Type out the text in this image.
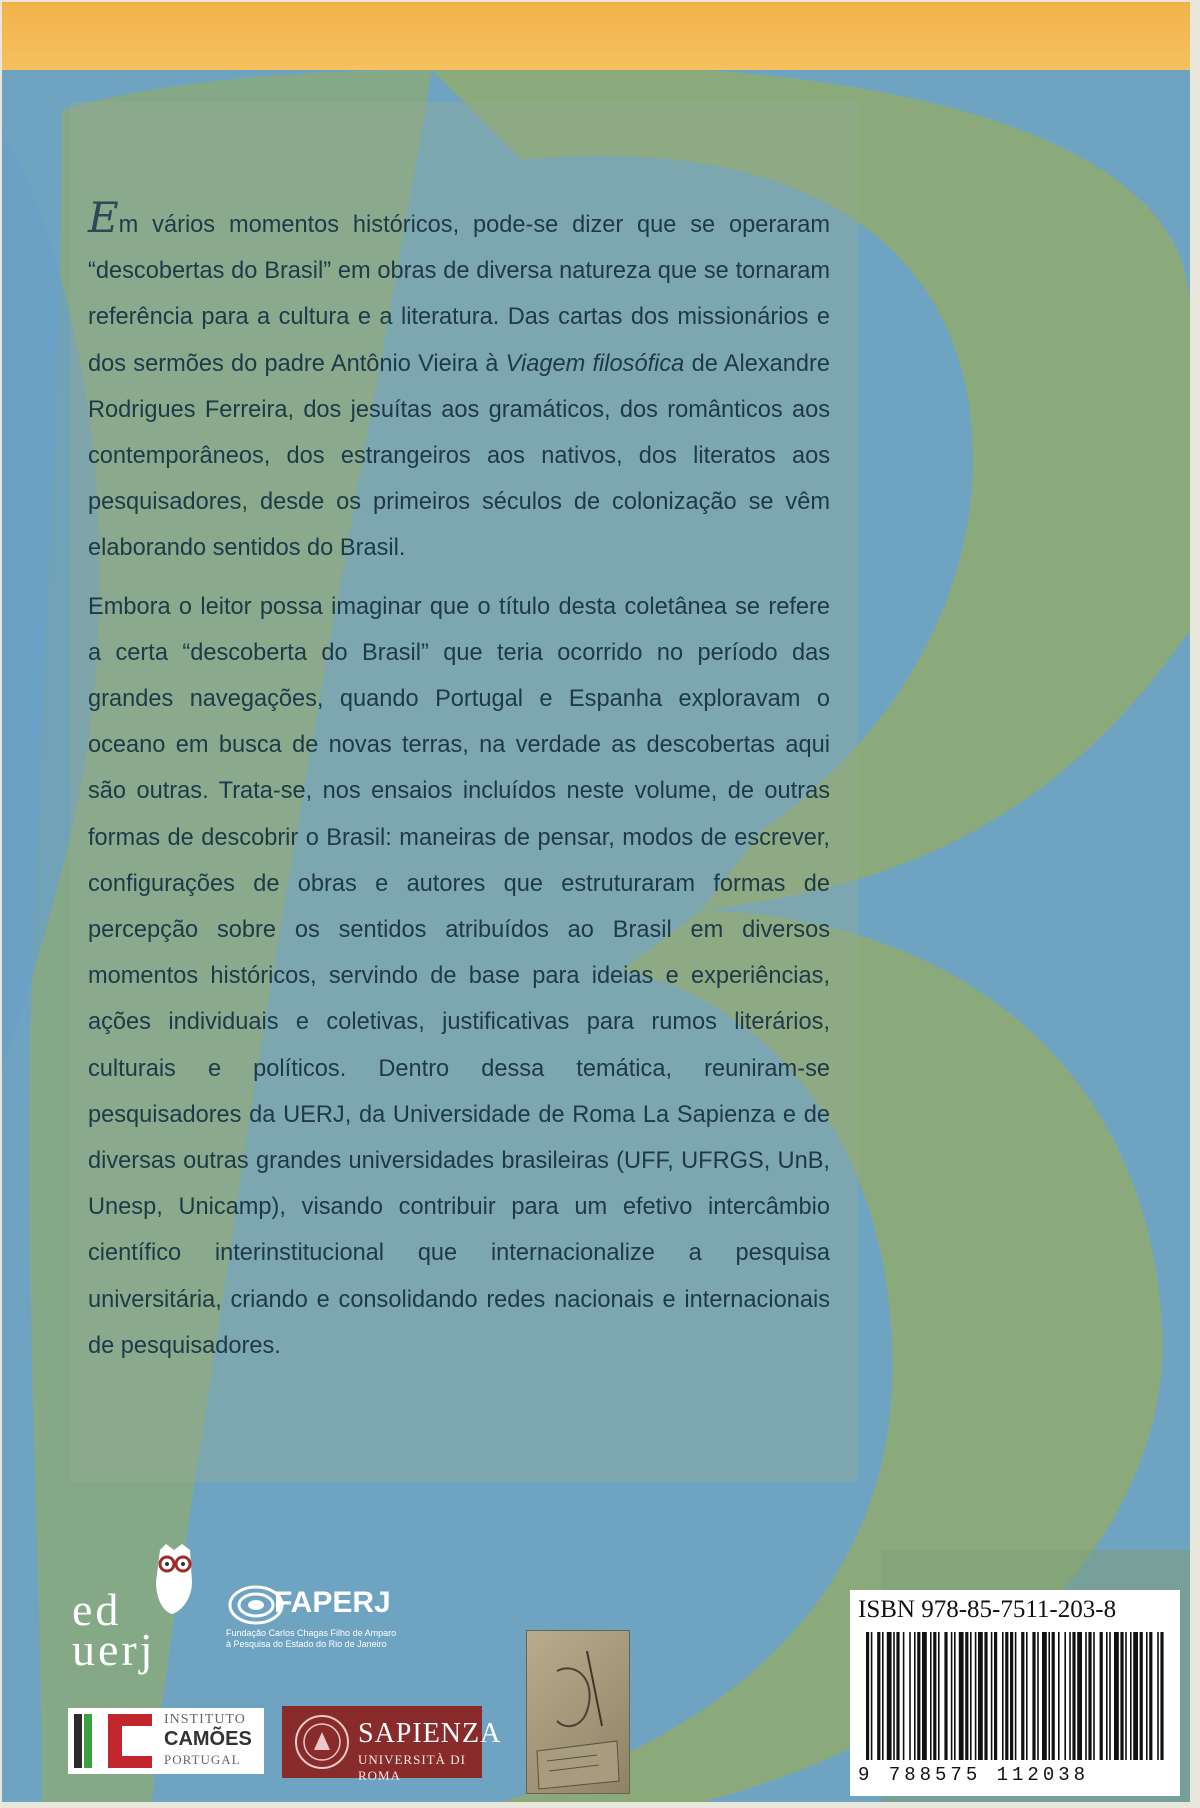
Em vários momentos históricos, pode-se dizer que se operaram “descobertas do Brasil” em obras de diversa natureza que se tornaram referência para a cultura e a literatura. Das cartas dos missionários e dos sermões do padre Antônio Vieira à Viagem filosófica de Alexandre Rodrigues Ferreira, dos jesuítas aos gramáticos, dos românticos aos contemporâneos, dos estrangeiros aos nativos, dos literatos aos pesquisadores, desde os primeiros séculos de colonização se vêm elaborando sentidos do Brasil.

Embora o leitor possa imaginar que o título desta coletânea se refere a certa “descoberta do Brasil” que teria ocorrido no período das grandes navegações, quando Portugal e Espanha exploravam o oceano em busca de novas terras, na verdade as descobertas aqui são outras. Trata-se, nos ensaios incluídos neste volume, de outras formas de descobrir o Brasil: maneiras de pensar, modos de escrever, configurações de obras e autores que estruturaram formas de percepção sobre os sentidos atribuídos ao Brasil em diversos momentos históricos, servindo de base para ideias e experiências, ações individuais e coletivas, justificativas para rumos literários, culturais e políticos. Dentro dessa temática, reuniram-se pesquisadores da UERJ, da Universidade de Roma La Sapienza e de diversas outras grandes universidades brasileiras (UFF, UFRGS, UnB, Unesp, Unicamp), visando contribuir para um efetivo intercâmbio científico interinstitucional que internacionalize a pesquisa universitária, criando e consolidando redes nacionais e internacionais de pesquisadores.

ed
uerj
FAPERJ
Fundação Carlos Chagas Filho de Amparo
à Pesquisa do Estado do Rio de Janeiro
INSTITUTO
CAMÕES
PORTUGAL
SAPIENZA
UNIVERSITÀ DI ROMA
ISBN 978-85-7511-203-8
9 788575 112038
